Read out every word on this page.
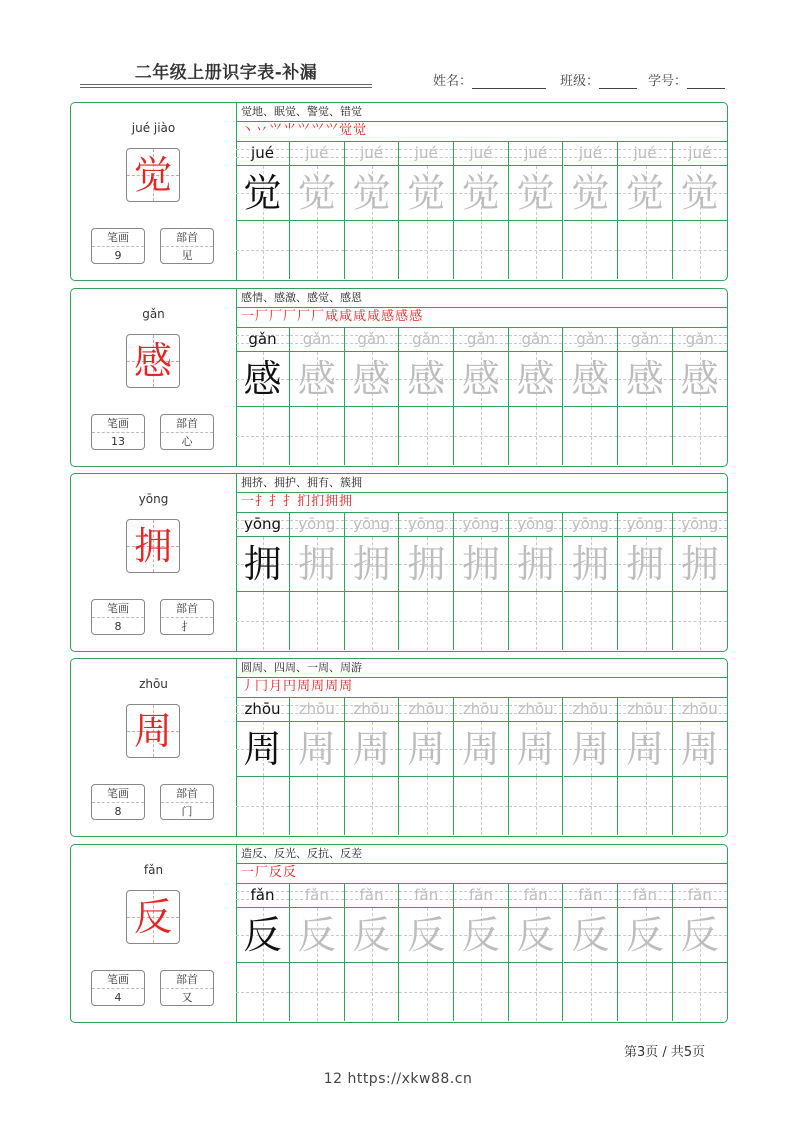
二年级上册识字表-补漏	姓名：	班级：	学号：
jué jiào
觉
笔画
9
部首
见
觉地、眠觉、警觉、错觉
丶丷⺍⺌⺍⺍⺍觉觉
jué
觉
jué
觉
jué
觉
jué
觉
jué
觉
jué
觉
jué
觉
jué
觉
jué
觉
gǎn
感
笔画
13
部首
心
感情、感激、感觉、感恩
一厂厂厂厂厂咸咸咸咸感感感
gǎn
感
gǎn
感
gǎn
感
gǎn
感
gǎn
感
gǎn
感
gǎn
感
gǎn
感
gǎn
感
yōng
拥
笔画
8
部首
扌
拥挤、拥护、拥有、簇拥
一扌扌扌扪扪拥拥
yōng
拥
yōng
拥
yōng
拥
yōng
拥
yōng
拥
yōng
拥
yōng
拥
yōng
拥
yōng
拥
zhōu
周
笔画
8
部首
门
圆周、四周、一周、周游
丿冂月円周周周周
zhōu
周
zhōu
周
zhōu
周
zhōu
周
zhōu
周
zhōu
周
zhōu
周
zhōu
周
zhōu
周
fǎn
反
笔画
4
部首
又
造反、反光、反抗、反差
一厂反反
fǎn
反
fǎn
反
fǎn
反
fǎn
反
fǎn
反
fǎn
反
fǎn
反
fǎn
反
fǎn
反
第3页 / 共5页
12 https://xkw88.cn
